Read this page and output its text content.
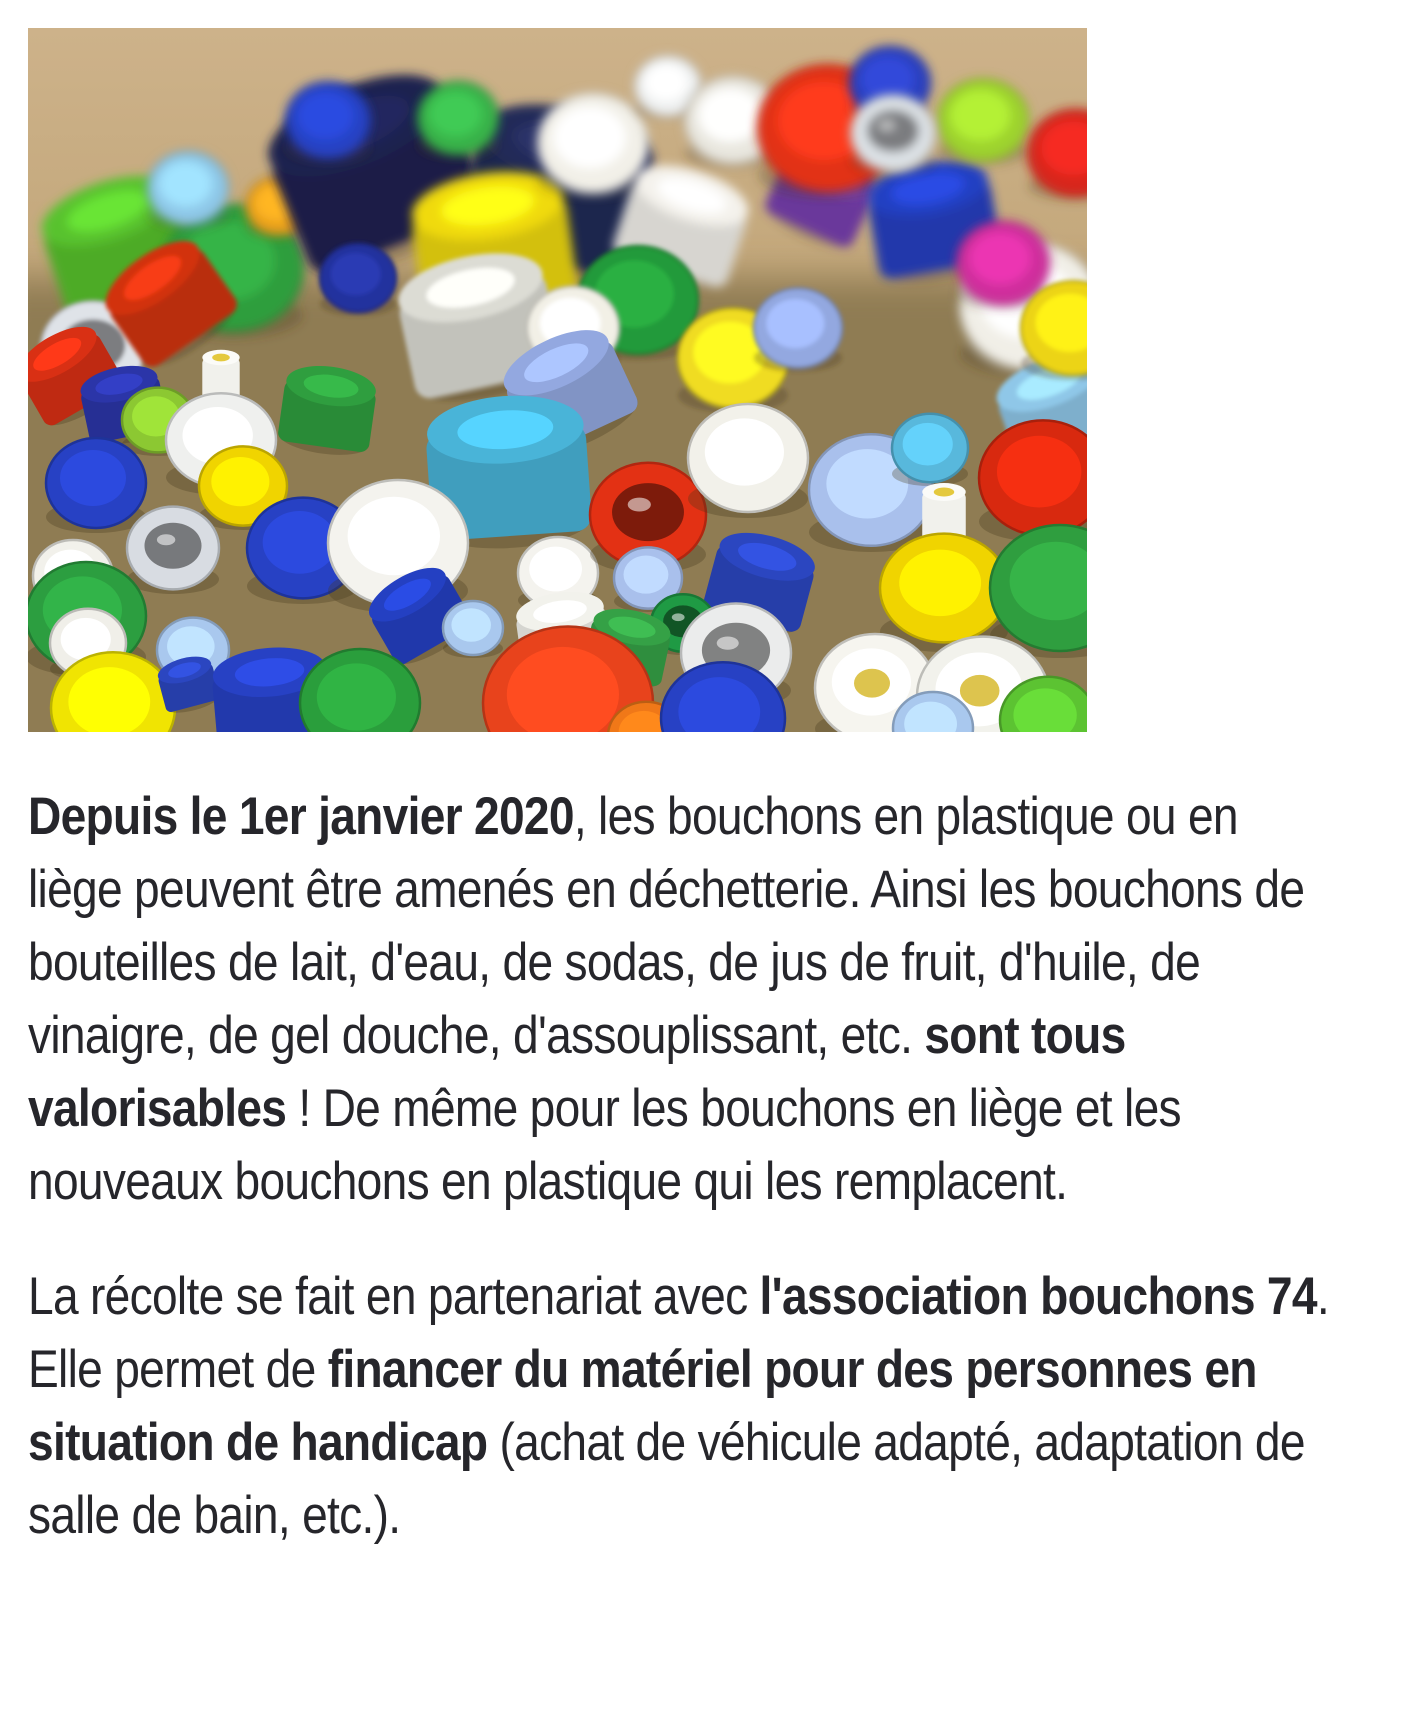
Depuis le 1er janvier 2020, les bouchons en plastique ou en liège peuvent être amenés en déchetterie. Ainsi les bouchons de bouteilles de lait, d'eau, de sodas, de jus de fruit, d'huile, de vinaigre, de gel douche, d'assouplissant, etc. sont tous valorisables ! De même pour les bouchons en liège et les nouveaux bouchons en plastique qui les remplacent.

La récolte se fait en partenariat avec l'association bouchons 74. Elle permet de financer du matériel pour des personnes en situation de handicap (achat de véhicule adapté, adaptation de salle de bain, etc.).
